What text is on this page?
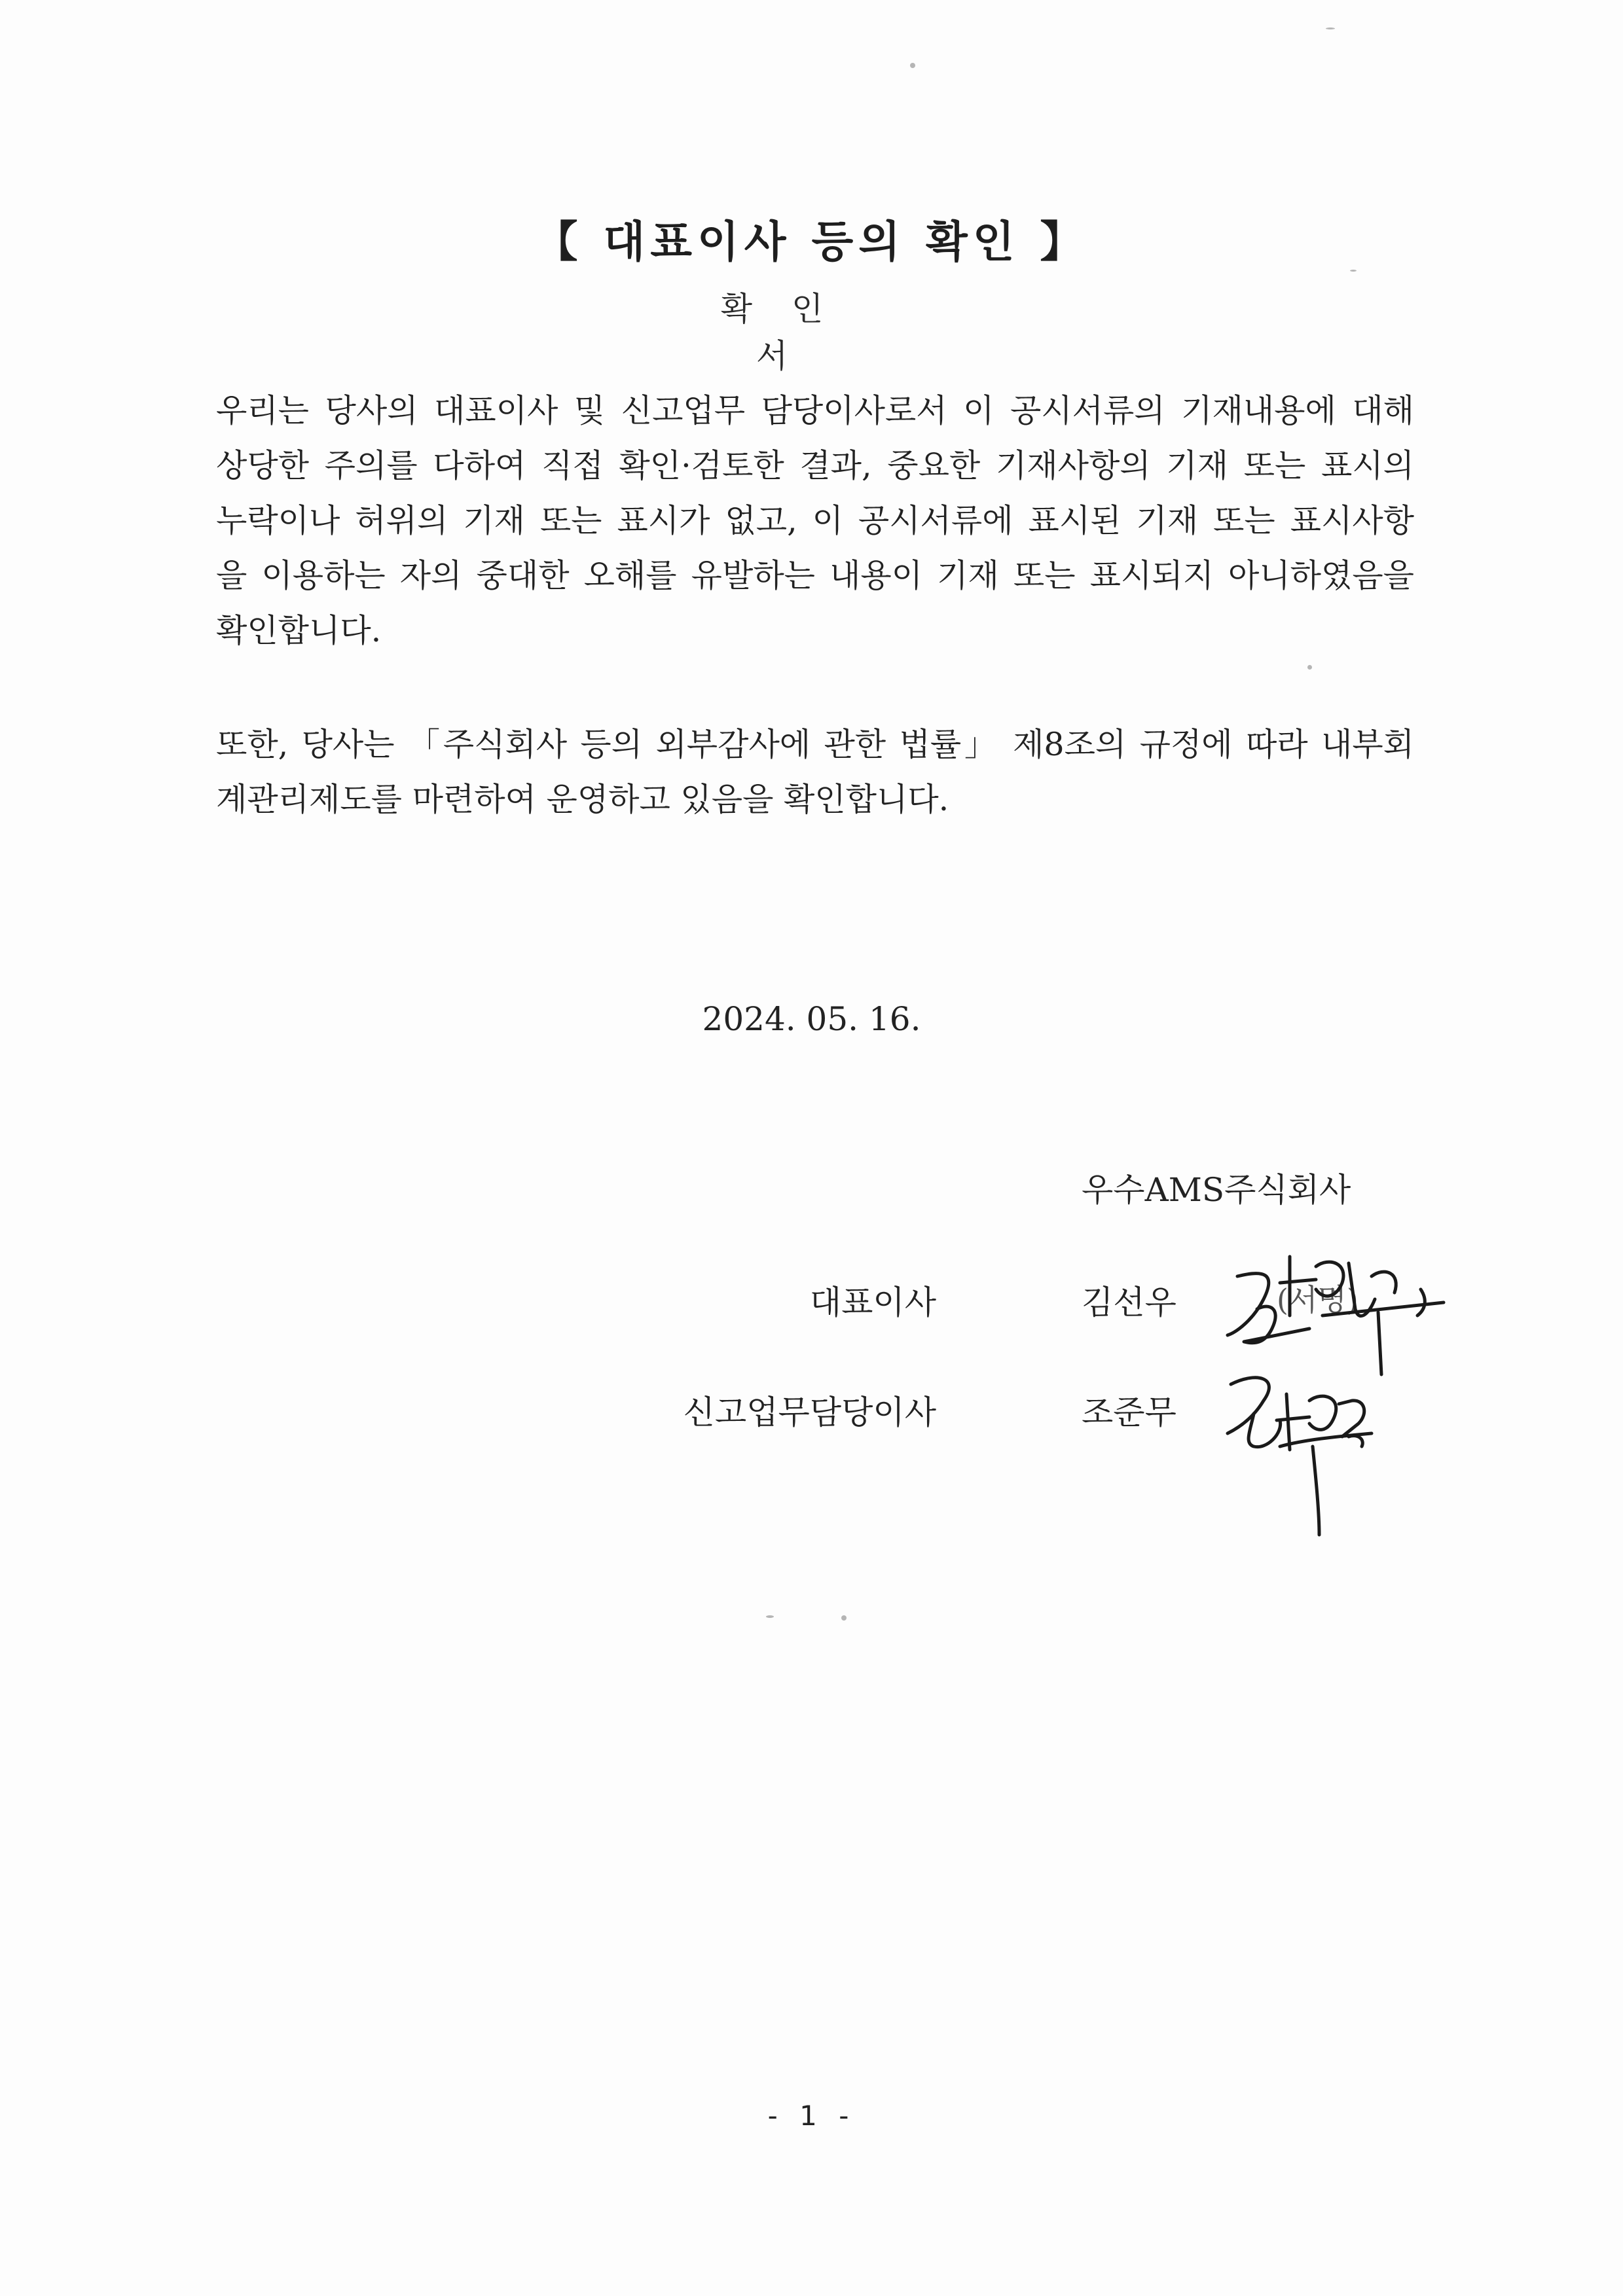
【 대표이사 등의 확인 】
확 인 서
우리는 당사의 대표이사 및 신고업무 담당이사로서 이 공시서류의 기재내용에 대해
상당한 주의를 다하여 직접 확인·검토한 결과, 중요한 기재사항의 기재 또는 표시의
누락이나 허위의 기재 또는 표시가 없고, 이 공시서류에 표시된 기재 또는 표시사항
을 이용하는 자의 중대한 오해를 유발하는 내용이 기재 또는 표시되지 아니하였음을
확인합니다.
또한, 당사는 「주식회사 등의 외부감사에 관한 법률」 제8조의 규정에 따라 내부회
계관리제도를 마련하여 운영하고 있음을 확인합니다.
2024. 05. 16.
우수AMS주식회사
대표이사	김선우	(서명)
신고업무담당이사	조준무
- 1 -
